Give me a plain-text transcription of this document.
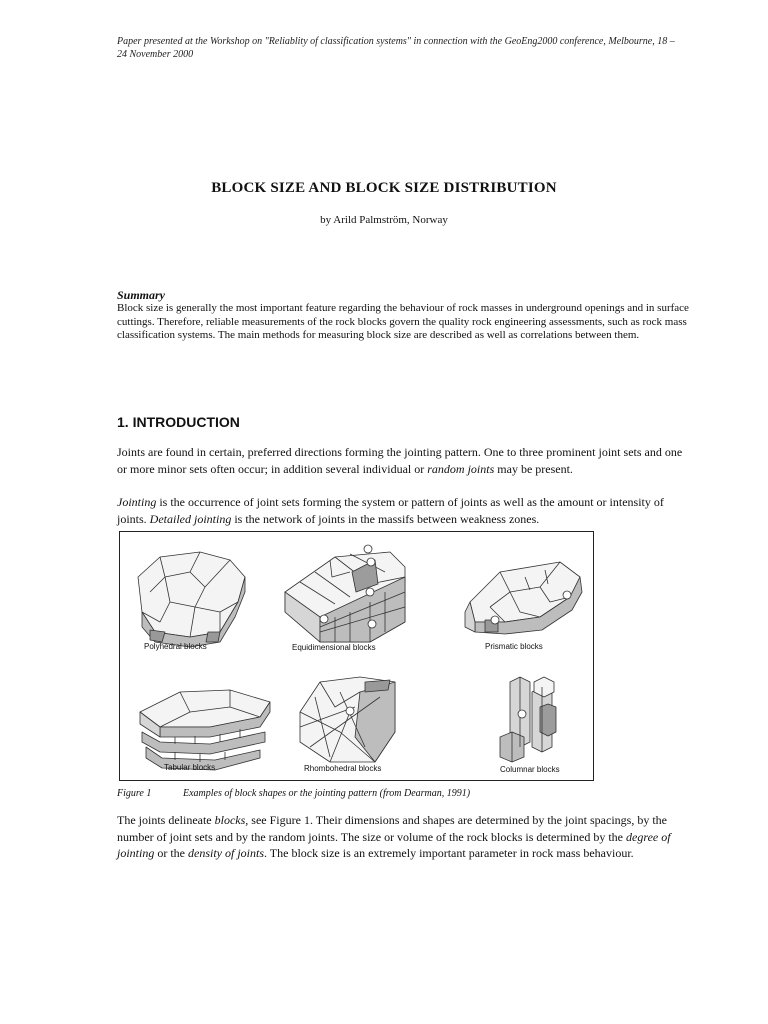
Paper presented at the Workshop on "Reliablity of classification systems" in connection with the GeoEng2000 conference, Melbourne, 18 – 24 November 2000
BLOCK SIZE AND BLOCK SIZE DISTRIBUTION
by Arild Palmström, Norway
Summary
Block size is generally the most important feature regarding the behaviour of rock masses in underground openings and in surface cuttings. Therefore, reliable measurements of the rock blocks govern the quality rock engineering assessments, such as rock mass classification systems. The main methods for measuring block size are described as well as correlations between them.
1. INTRODUCTION
Joints are found in certain, preferred directions forming the jointing pattern. One to three prominent joint sets and one or more minor sets often occur; in addition several individual or random joints may be present.
Jointing is the occurrence of joint sets forming the system or pattern of joints as well as the amount or intensity of joints. Detailed jointing is the network of joints in the massifs between weakness zones.
Polyhedral blocks	Equidimensional blocks	Prismatic blocks
Tabular blocks	Rhombohedral blocks	Columnar blocks
Figure 1	Examples of block shapes or the jointing pattern (from Dearman, 1991)
The joints delineate blocks, see Figure 1. Their dimensions and shapes are determined by the joint spacings, by the number of joint sets and by the random joints. The size or volume of the rock blocks is determined by the degree of jointing or the density of joints. The block size is an extremely important parameter in rock mass behaviour.
